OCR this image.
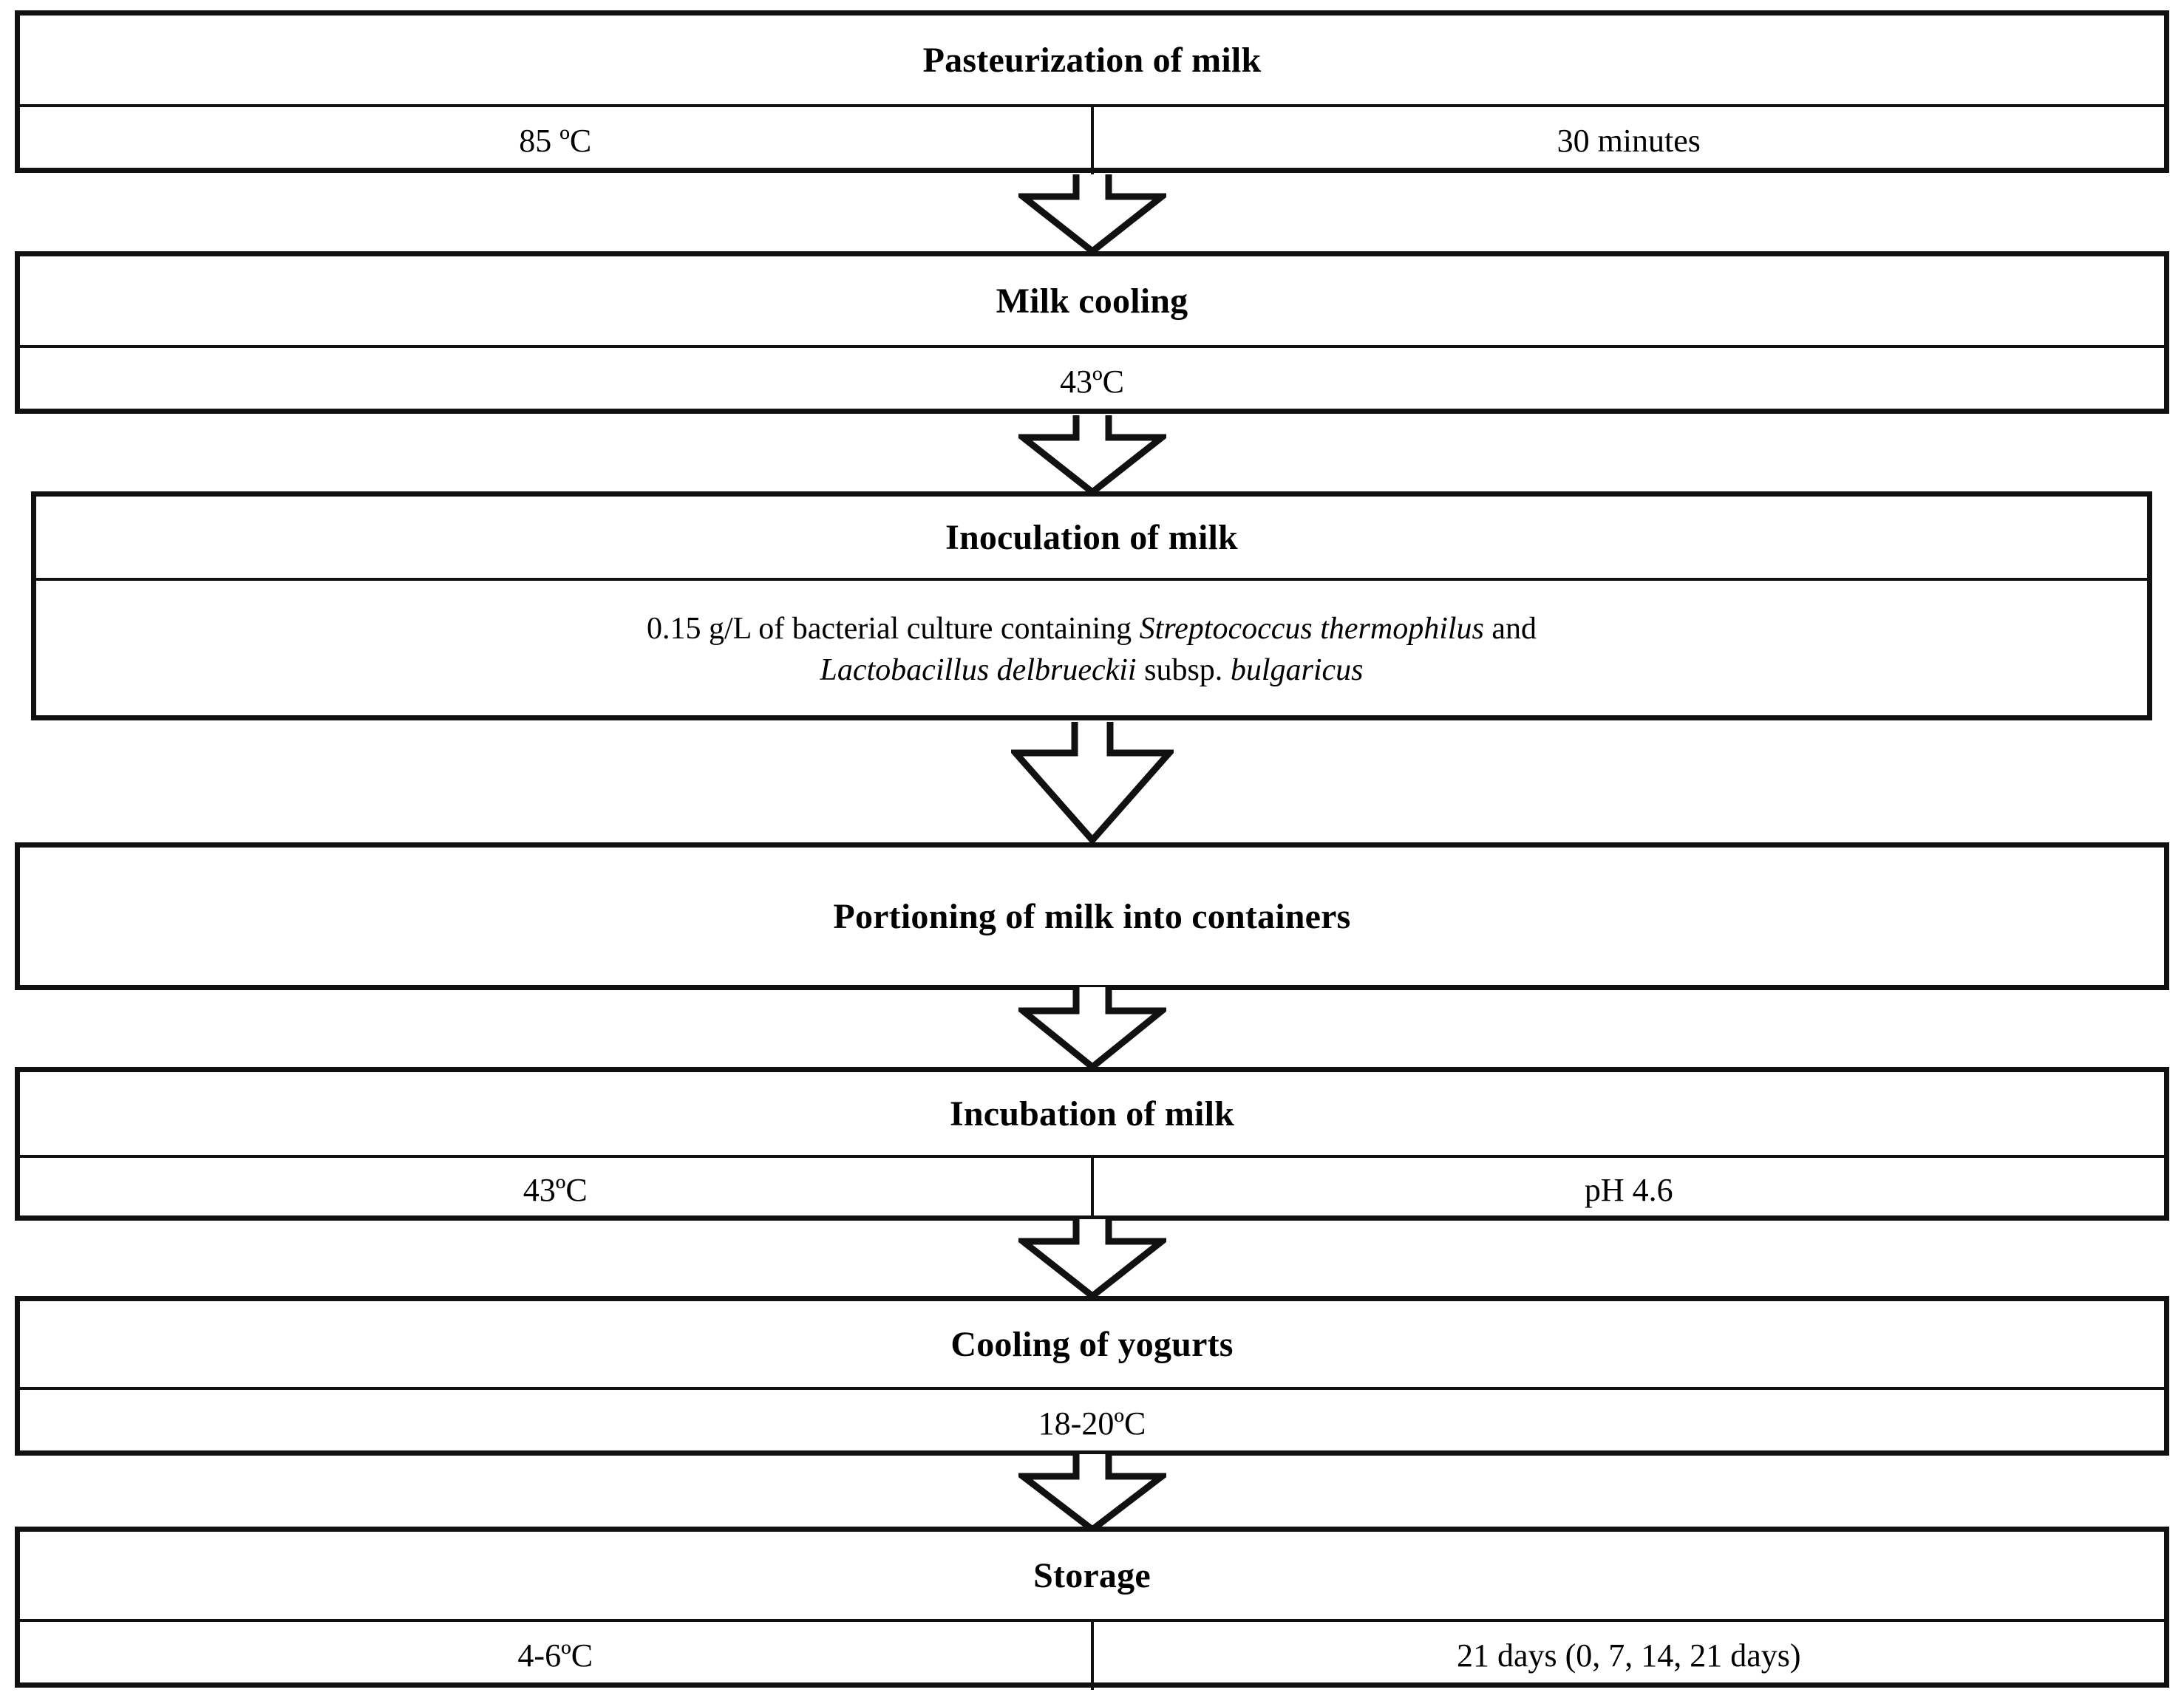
Pasteurization of milk
85 ºC	30 minutes
Milk cooling
43ºC
Inoculation of milk
0.15 g/L of bacterial culture containing Streptococcus thermophilus and
Lactobacillus delbrueckii subsp. bulgaricus
Portioning of milk into containers
Incubation of milk
43ºC	pH 4.6
Cooling of yogurts
18-20ºC
Storage
4-6ºC	21 days (0, 7, 14, 21 days)
